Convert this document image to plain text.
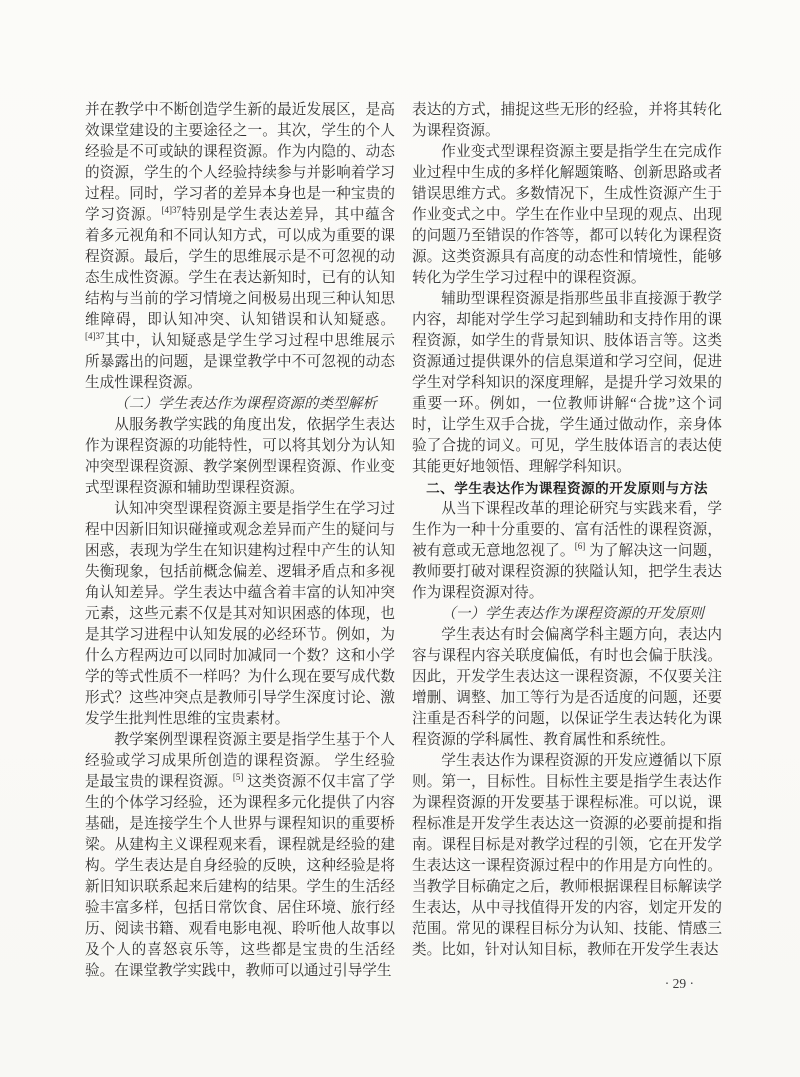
并在教学中不断创造学生新的最近发展区，是高效课堂建设的主要途径之一。其次，学生的个人经验是不可或缺的课程资源。作为内隐的、动态的资源，学生的个人经验持续参与并影响着学习过程。同时，学习者的差异本身也是一种宝贵的学习资源。$^{[4]37}$特别是学生表达差异，其中蕴含着多元视角和不同认知方式，可以成为重要的课程资源。最后，学生的思维展示是不可忽视的动态生成性资源。学生在表达新知时，已有的认知结构与当前的学习情境之间极易出现三种认知思维障碍，即认知冲突、认知错误和认知疑惑。$^{[4]37}$其中，认知疑惑是学生学习过程中思维展示所暴露出的问题，是课堂教学中不可忽视的动态生成性课程资源。

（二）学生表达作为课程资源的类型解析

从服务教学实践的角度出发，依据学生表达作为课程资源的功能特性，可以将其划分为认知冲突型课程资源、教学案例型课程资源、作业变式型课程资源和辅助型课程资源。

认知冲突型课程资源主要是指学生在学习过程中因新旧知识碰撞或观念差异而产生的疑问与困惑，表现为学生在知识建构过程中产生的认知失衡现象，包括前概念偏差、逻辑矛盾点和多视角认知差异。学生表达中蕴含着丰富的认知冲突元素，这些元素不仅是其对知识困惑的体现，也是其学习进程中认知发展的必经环节。例如，为什么方程两边可以同时加减同一个数？这和小学学的等式性质不一样吗？为什么现在要写成代数形式？这些冲突点是教师引导学生深度讨论、激发学生批判性思维的宝贵素材。

教学案例型课程资源主要是指学生基于个人经验或学习成果所创造的课程资源。 学生经验是最宝贵的课程资源。[5] 这类资源不仅丰富了学生的个体学习经验，还为课程多元化提供了内容基础，是连接学生个人世界与课程知识的重要桥梁。从建构主义课程观来看，课程就是经验的建构。学生表达是自身经验的反映，这种经验是将新旧知识联系起来后建构的结果。学生的生活经验丰富多样，包括日常饮食、居住环境、旅行经历、阅读书籍、观看电影电视、聆听他人故事以及个人的喜怒哀乐等，这些都是宝贵的生活经验。在课堂教学实践中，教师可以通过引导学生

表达的方式，捕捉这些无形的经验，并将其转化为课程资源。

作业变式型课程资源主要是指学生在完成作业过程中生成的多样化解题策略、创新思路或者错误思维方式。多数情况下，生成性资源产生于作业变式之中。学生在作业中呈现的观点、出现的问题乃至错误的作答等，都可以转化为课程资源。这类资源具有高度的动态性和情境性，能够转化为学生学习过程中的课程资源。

辅助型课程资源是指那些虽非直接源于教学内容，却能对学生学习起到辅助和支持作用的课程资源，如学生的背景知识、肢体语言等。这类资源通过提供课外的信息渠道和学习空间，促进学生对学科知识的深度理解，是提升学习效果的重要一环。例如，一位教师讲解“合拢”这个词时，让学生双手合拢，学生通过做动作，亲身体验了合拢的词义。可见，学生肢体语言的表达使其能更好地领悟、理解学科知识。

二、学生表达作为课程资源的开发原则与方法

从当下课程改革的理论研究与实践来看，学生作为一种十分重要的、富有活性的课程资源，被有意或无意地忽视了。[6] 为了解决这一问题，教师要打破对课程资源的狭隘认知，把学生表达作为课程资源对待。

（一）学生表达作为课程资源的开发原则

学生表达有时会偏离学科主题方向，表达内容与课程内容关联度偏低，有时也会偏于肤浅。因此，开发学生表达这一课程资源，不仅要关注增删、调整、加工等行为是否适度的问题，还要注重是否科学的问题，以保证学生表达转化为课程资源的学科属性、教育属性和系统性。

学生表达作为课程资源的开发应遵循以下原则。第一，目标性。目标性主要是指学生表达作为课程资源的开发要基于课程标准。可以说，课程标准是开发学生表达这一资源的必要前提和指南。课程目标是对教学过程的引领，它在开发学生表达这一课程资源过程中的作用是方向性的。当教学目标确定之后，教师根据课程目标解读学生表达，从中寻找值得开发的内容，划定开发的范围。常见的课程目标分为认知、技能、情感三类。比如，针对认知目标，教师在开发学生表达

· 29 ·
